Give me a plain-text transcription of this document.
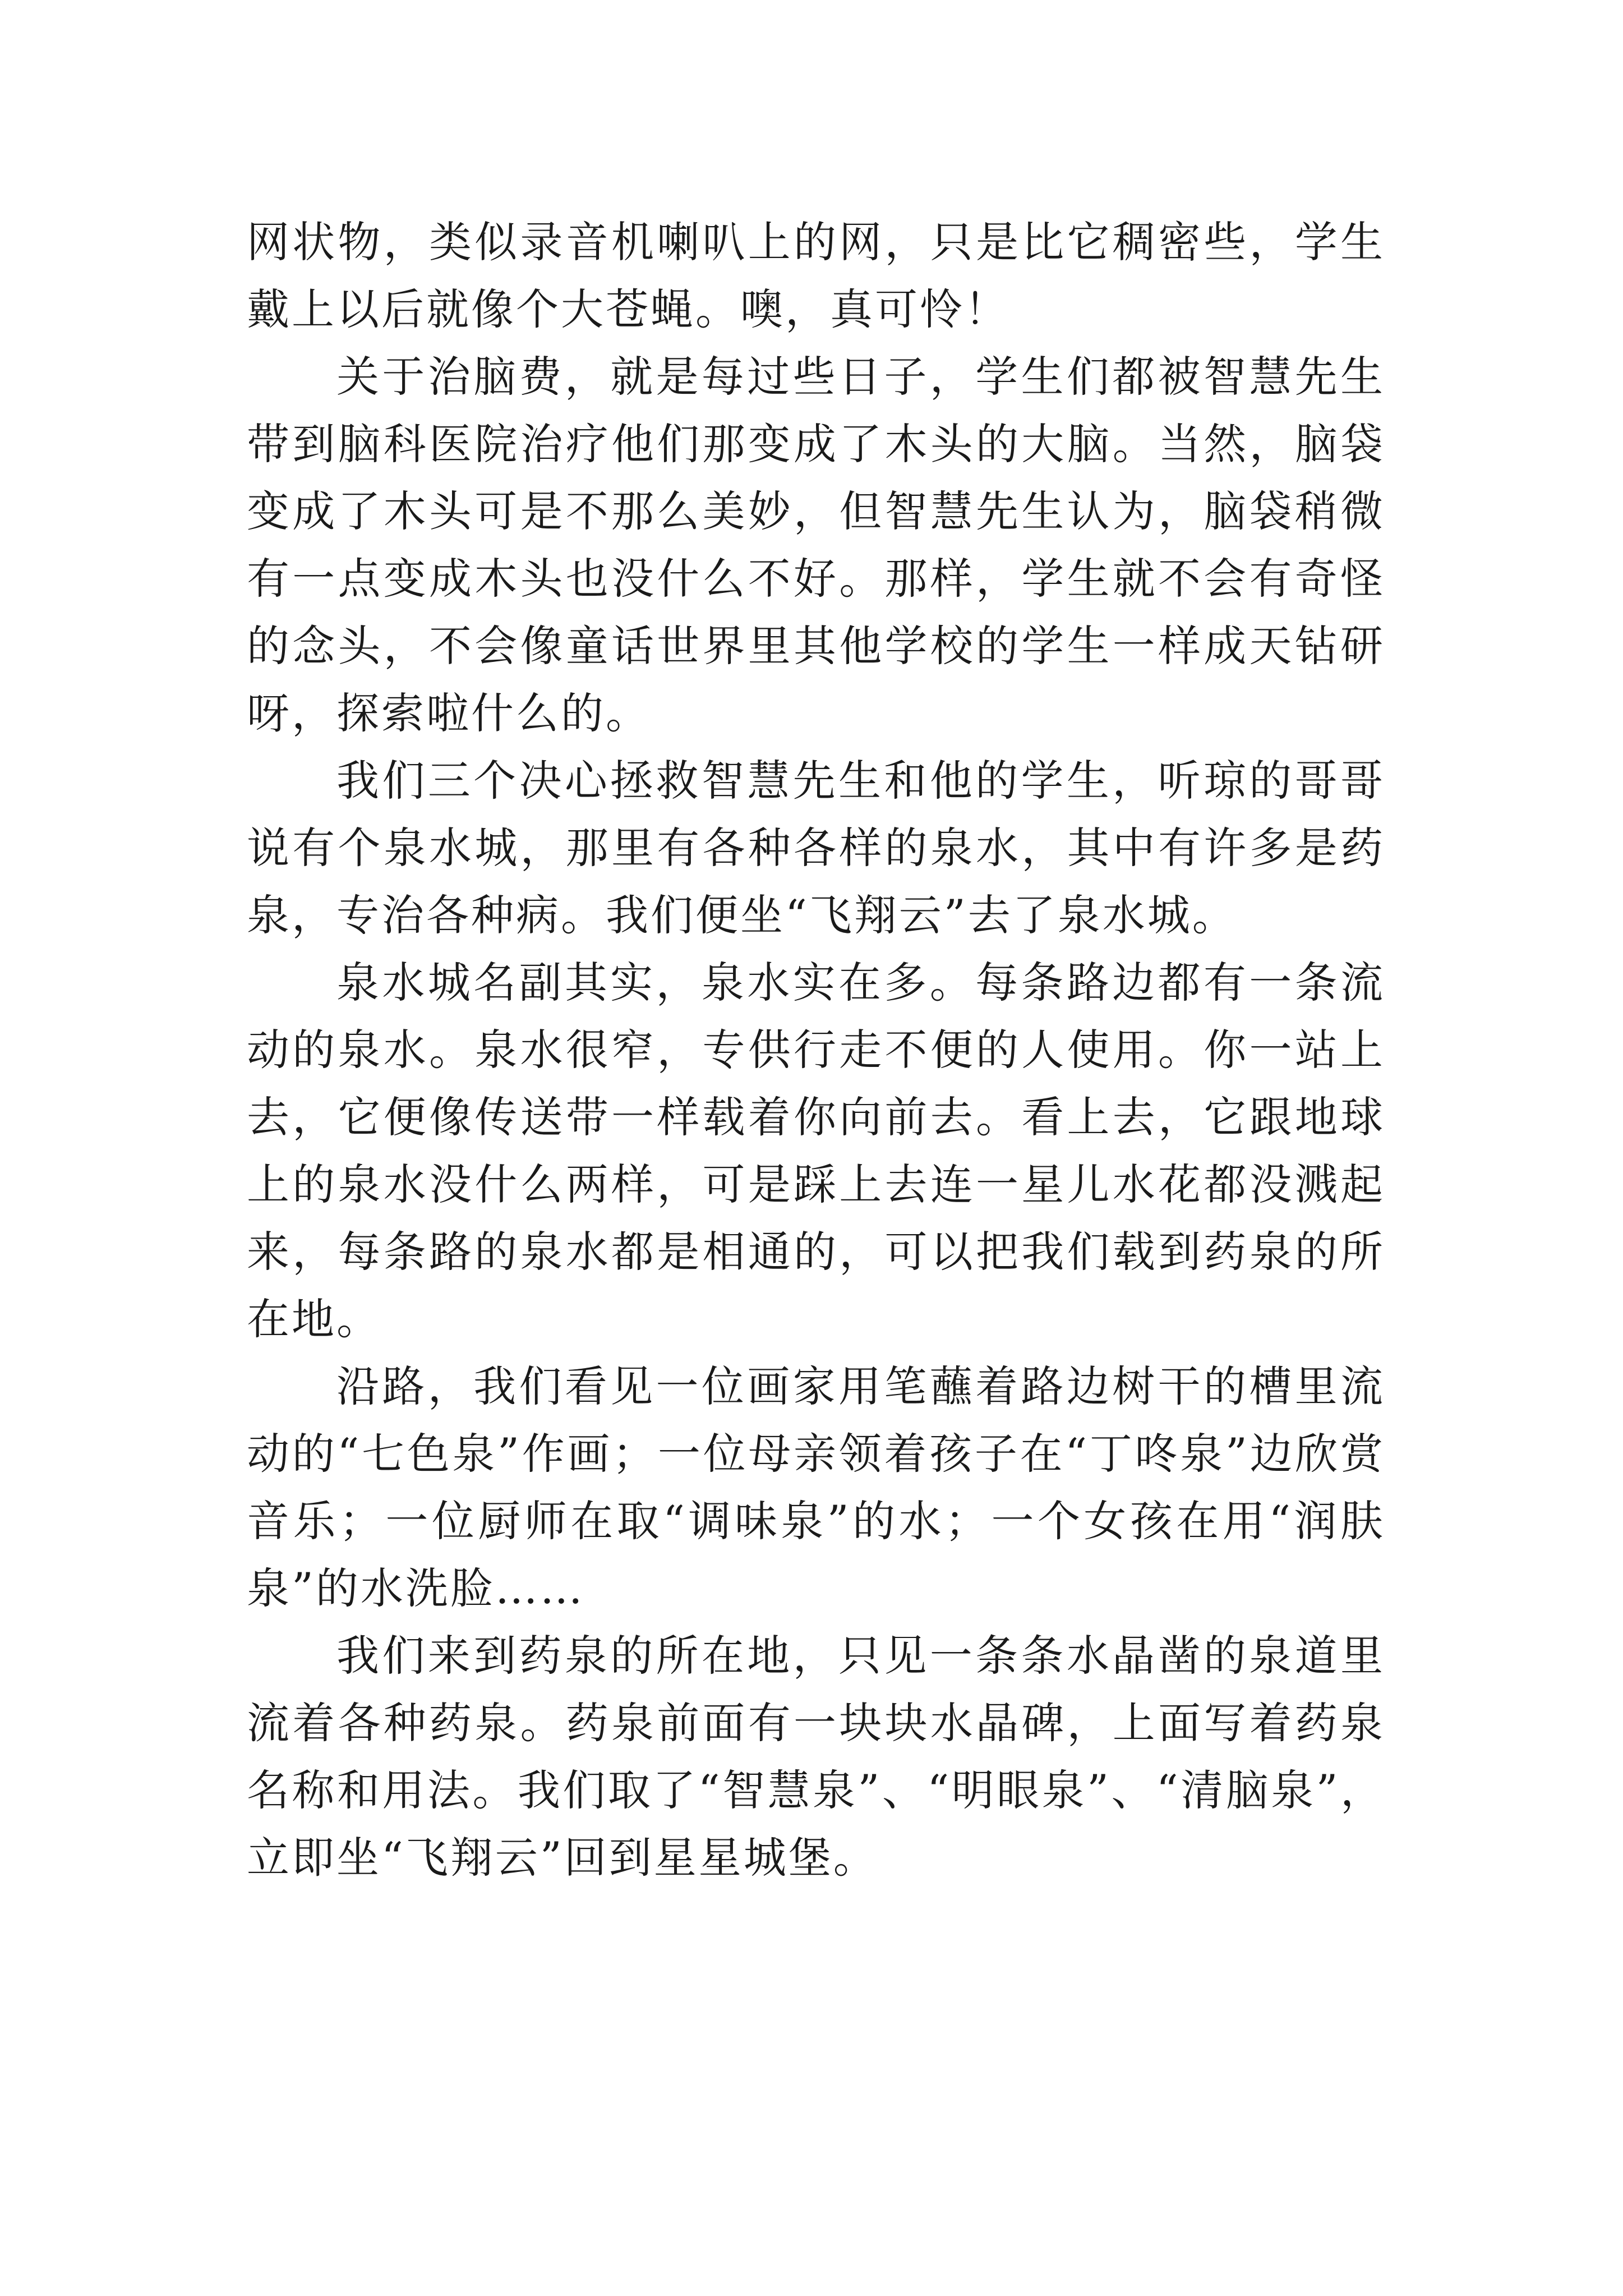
网状物，类似录音机喇叭上的网，只是比它稠密些，学生戴上以后就像个大苍蝇。噢，真可怜！

关于治脑费，就是每过些日子，学生们都被智慧先生带到脑科医院治疗他们那变成了木头的大脑。当然，脑袋变成了木头可是不那么美妙，但智慧先生认为，脑袋稍微有一点变成木头也没什么不好。那样，学生就不会有奇怪的念头，不会像童话世界里其他学校的学生一样成天钻研呀，探索啦什么的。

我们三个决心拯救智慧先生和他的学生，听琼的哥哥说有个泉水城，那里有各种各样的泉水，其中有许多是药泉，专治各种病。我们便坐“飞翔云”去了泉水城。

泉水城名副其实，泉水实在多。每条路边都有一条流动的泉水。泉水很窄，专供行走不便的人使用。你一站上去，它便像传送带一样载着你向前去。看上去，它跟地球上的泉水没什么两样，可是踩上去连一星儿水花都没溅起来，每条路的泉水都是相通的，可以把我们载到药泉的所在地。

沿路，我们看见一位画家用笔蘸着路边树干的槽里流动的“七色泉”作画；一位母亲领着孩子在“丁咚泉”边欣赏音乐；一位厨师在取“调味泉”的水；一个女孩在用“润肤泉”的水洗脸……

我们来到药泉的所在地，只见一条条水晶凿的泉道里流着各种药泉。药泉前面有一块块水晶碑，上面写着药泉名称和用法。我们取了“智慧泉”、“明眼泉”、“清脑泉”，立即坐“飞翔云”回到星星城堡。
